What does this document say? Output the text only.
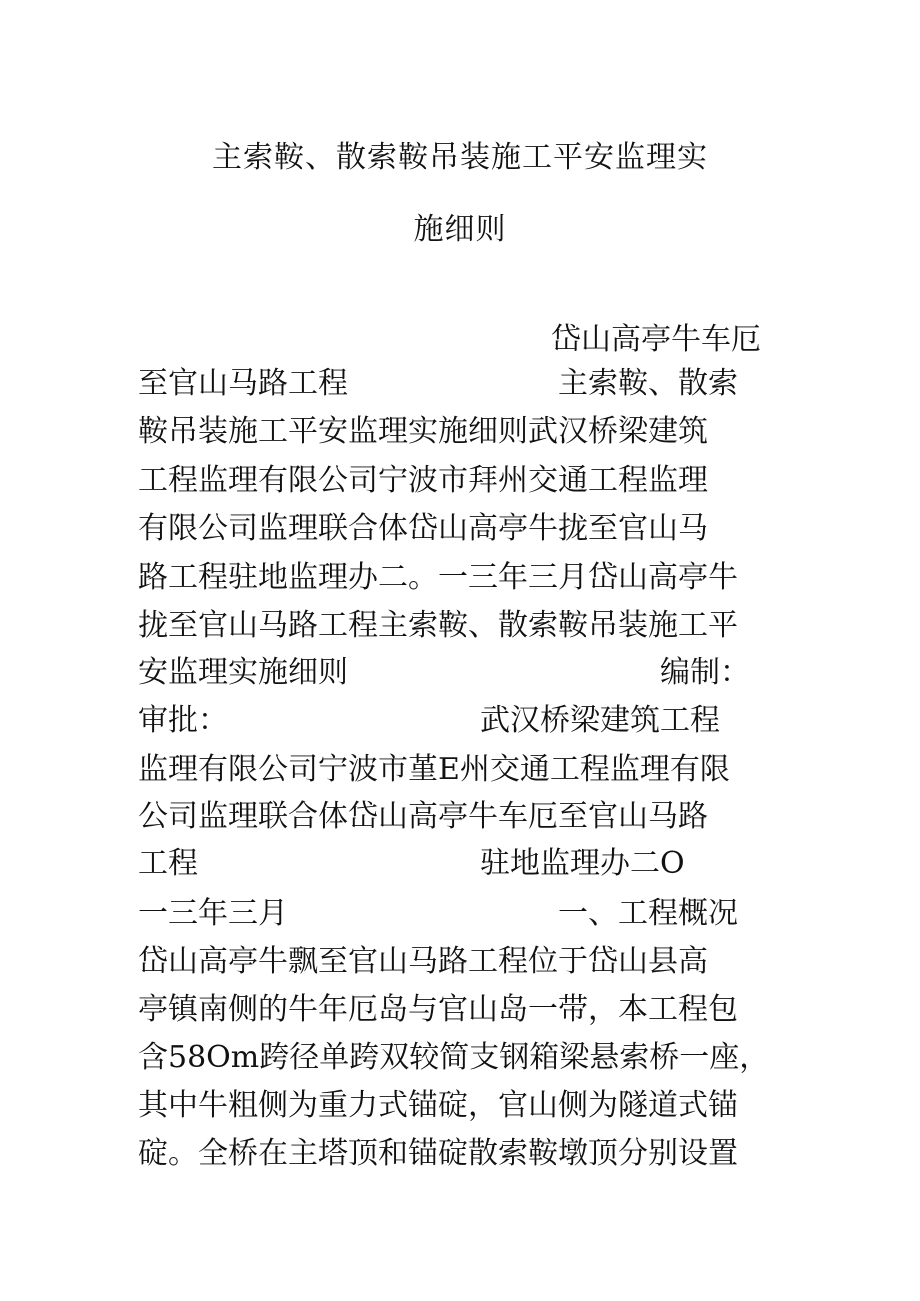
主索鞍、散索鞍吊装施工平安监理实
施细则
岱山高亭牛车厄
至官山马路工程	主索鞍、散索
鞍吊装施工平安监理实施细则武汉桥梁建筑
工程监理有限公司宁波市拜州交通工程监理
有限公司监理联合体岱山高亭牛拢至官山马
路工程驻地监理办二。一三年三月岱山高亭牛
拢至官山马路工程主索鞍、散索鞍吊装施工平
安监理实施细则	编制：
审批：	武汉桥梁建筑工程
监理有限公司宁波市堇E州交通工程监理有限
公司监理联合体岱山高亭牛车厄至官山马路
工程	驻地监理办二O
一三年三月	一、工程概况
岱山高亭牛飘至官山马路工程位于岱山县高
亭镇南侧的牛年厄岛与官山岛一带，本工程包
含58Om跨径单跨双较简支钢箱梁悬索桥一座，
其中牛粗侧为重力式锚碇，官山侧为隧道式锚
碇。全桥在主塔顶和锚碇散索鞍墩顶分别设置
